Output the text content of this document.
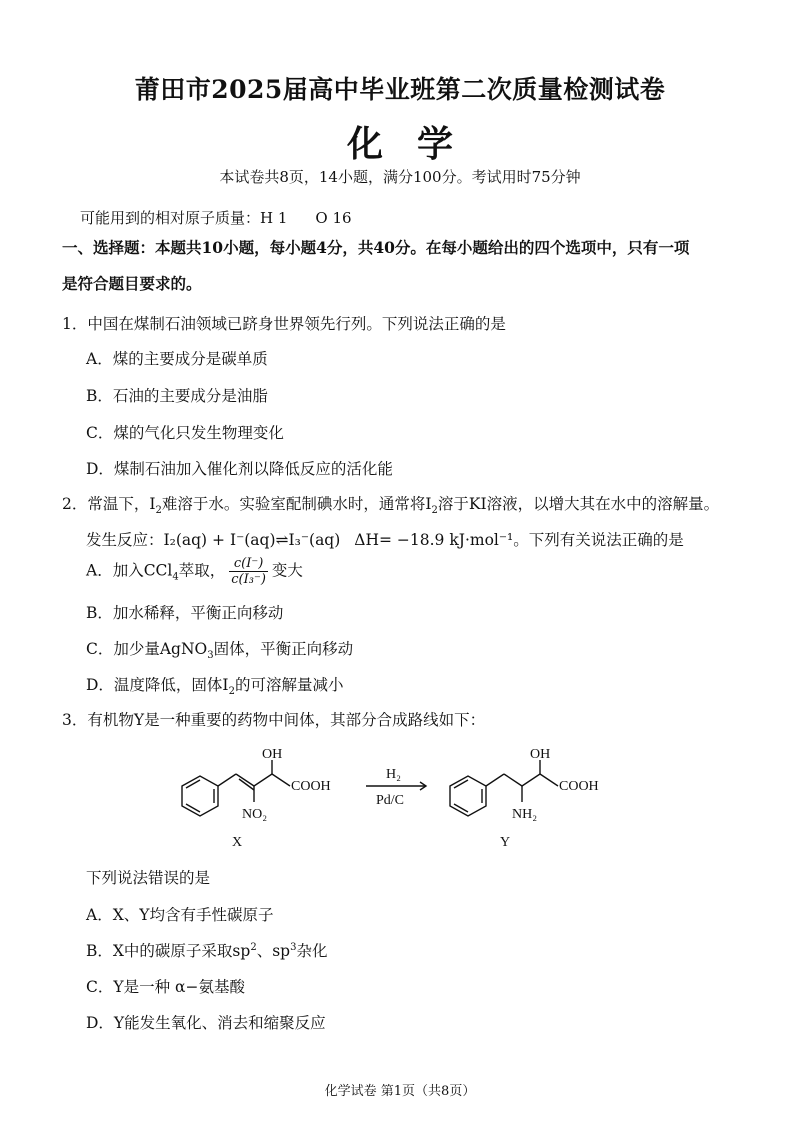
莆田市2025届高中毕业班第二次质量检测试卷
化学
本试卷共8页，14小题，满分100分。考试用时75分钟
可能用到的相对原子质量：H 1 O 16
一、选择题：本题共10小题，每小题4分，共40分。在每小题给出的四个选项中，只有一项
是符合题目要求的。
1．中国在煤制石油领域已跻身世界领先行列。下列说法正确的是
A．煤的主要成分是碳单质
B．石油的主要成分是油脂
C．煤的气化只发生物理变化
D．煤制石油加入催化剂以降低反应的活化能
2．常温下，$I_2$难溶于水。实验室配制碘水时，通常将$I_2$溶于KI溶液，以增大其在水中的溶解量。
发生反应：I₂(aq) + I⁻(aq)⇌I₃⁻(aq) ΔH= −18.9 kJ·mol⁻¹。下列有关说法正确的是
A．加入CCl$_4$萃取， $\frac{c(I^-)}{\text{c(I₃⁻)}}$ 变大
B．加水稀释，平衡正向移动
C．加少量AgNO$_3$固体，平衡正向移动
D．温度降低，固体$I_2$的可溶解量减小
3．有机物Y是一种重要的药物中间体，其部分合成路线如下：
OH
COOH
NO₂
X
H₂
Pd/C
OH
COOH
NH₂
Y
下列说法错误的是
A．X、Y均含有手性碳原子
B．X中的碳原子采取$sp^2$、$sp^3$杂化
C．Y是一种 α−氨基酸
D．Y能发生氧化、消去和缩聚反应
化学试卷 第1页（共8页）
